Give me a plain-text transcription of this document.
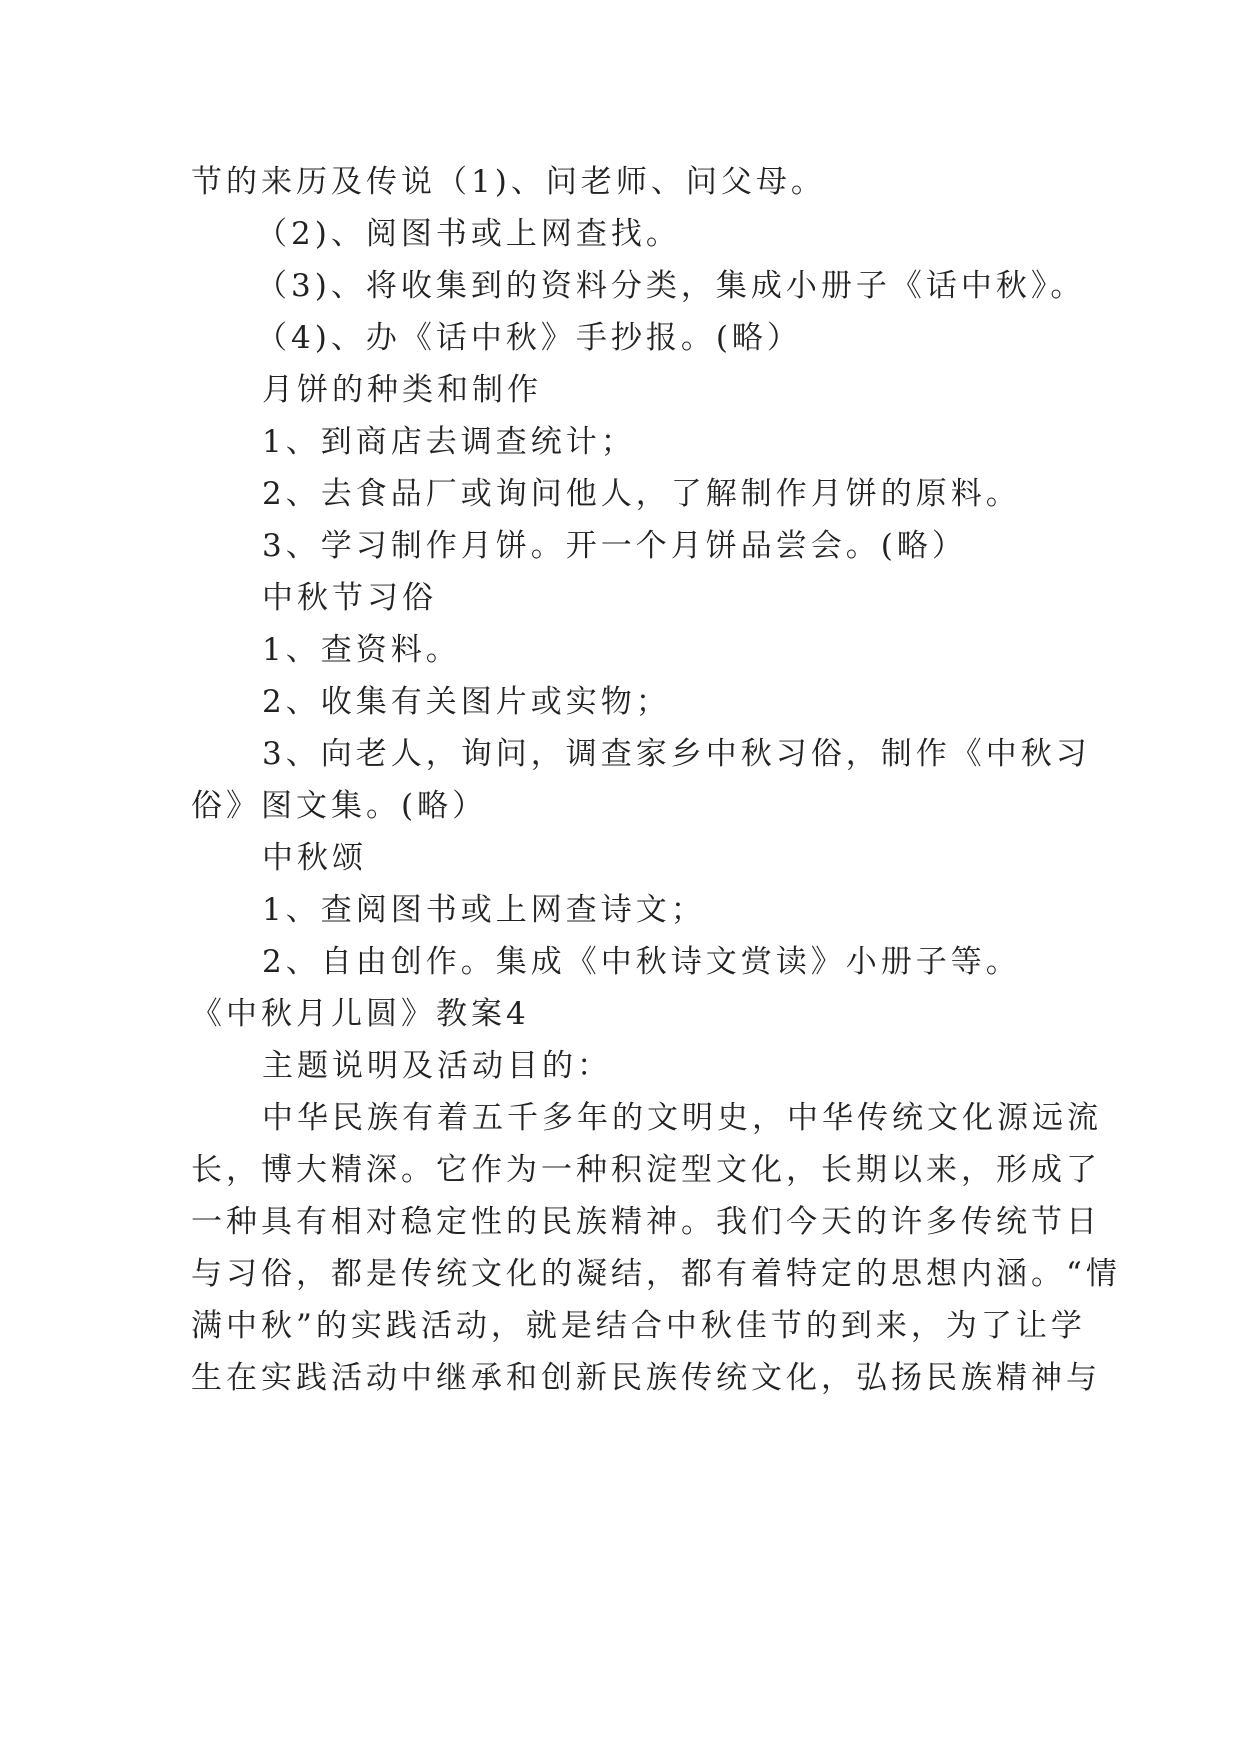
节的来历及传说（1)、问老师、问父母。
（2)、阅图书或上网查找。
（3)、将收集到的资料分类，集成小册子《话中秋》。
（4)、办《话中秋》手抄报。(略）
月饼的种类和制作
1、到商店去调查统计；
2、去食品厂或询问他人，了解制作月饼的原料。
3、学习制作月饼。开一个月饼品尝会。(略）
中秋节习俗
1、查资料。
2、收集有关图片或实物；
3、向老人，询问，调查家乡中秋习俗，制作《中秋习
俗》图文集。(略）
中秋颂
1、查阅图书或上网查诗文；
2、自由创作。集成《中秋诗文赏读》小册子等。
《中秋月儿圆》教案4
主题说明及活动目的：
中华民族有着五千多年的文明史，中华传统文化源远流
长，博大精深。它作为一种积淀型文化，长期以来，形成了
一种具有相对稳定性的民族精神。我们今天的许多传统节日
与习俗，都是传统文化的凝结，都有着特定的思想内涵。“情
满中秋”的实践活动，就是结合中秋佳节的到来，为了让学
生在实践活动中继承和创新民族传统文化，弘扬民族精神与
